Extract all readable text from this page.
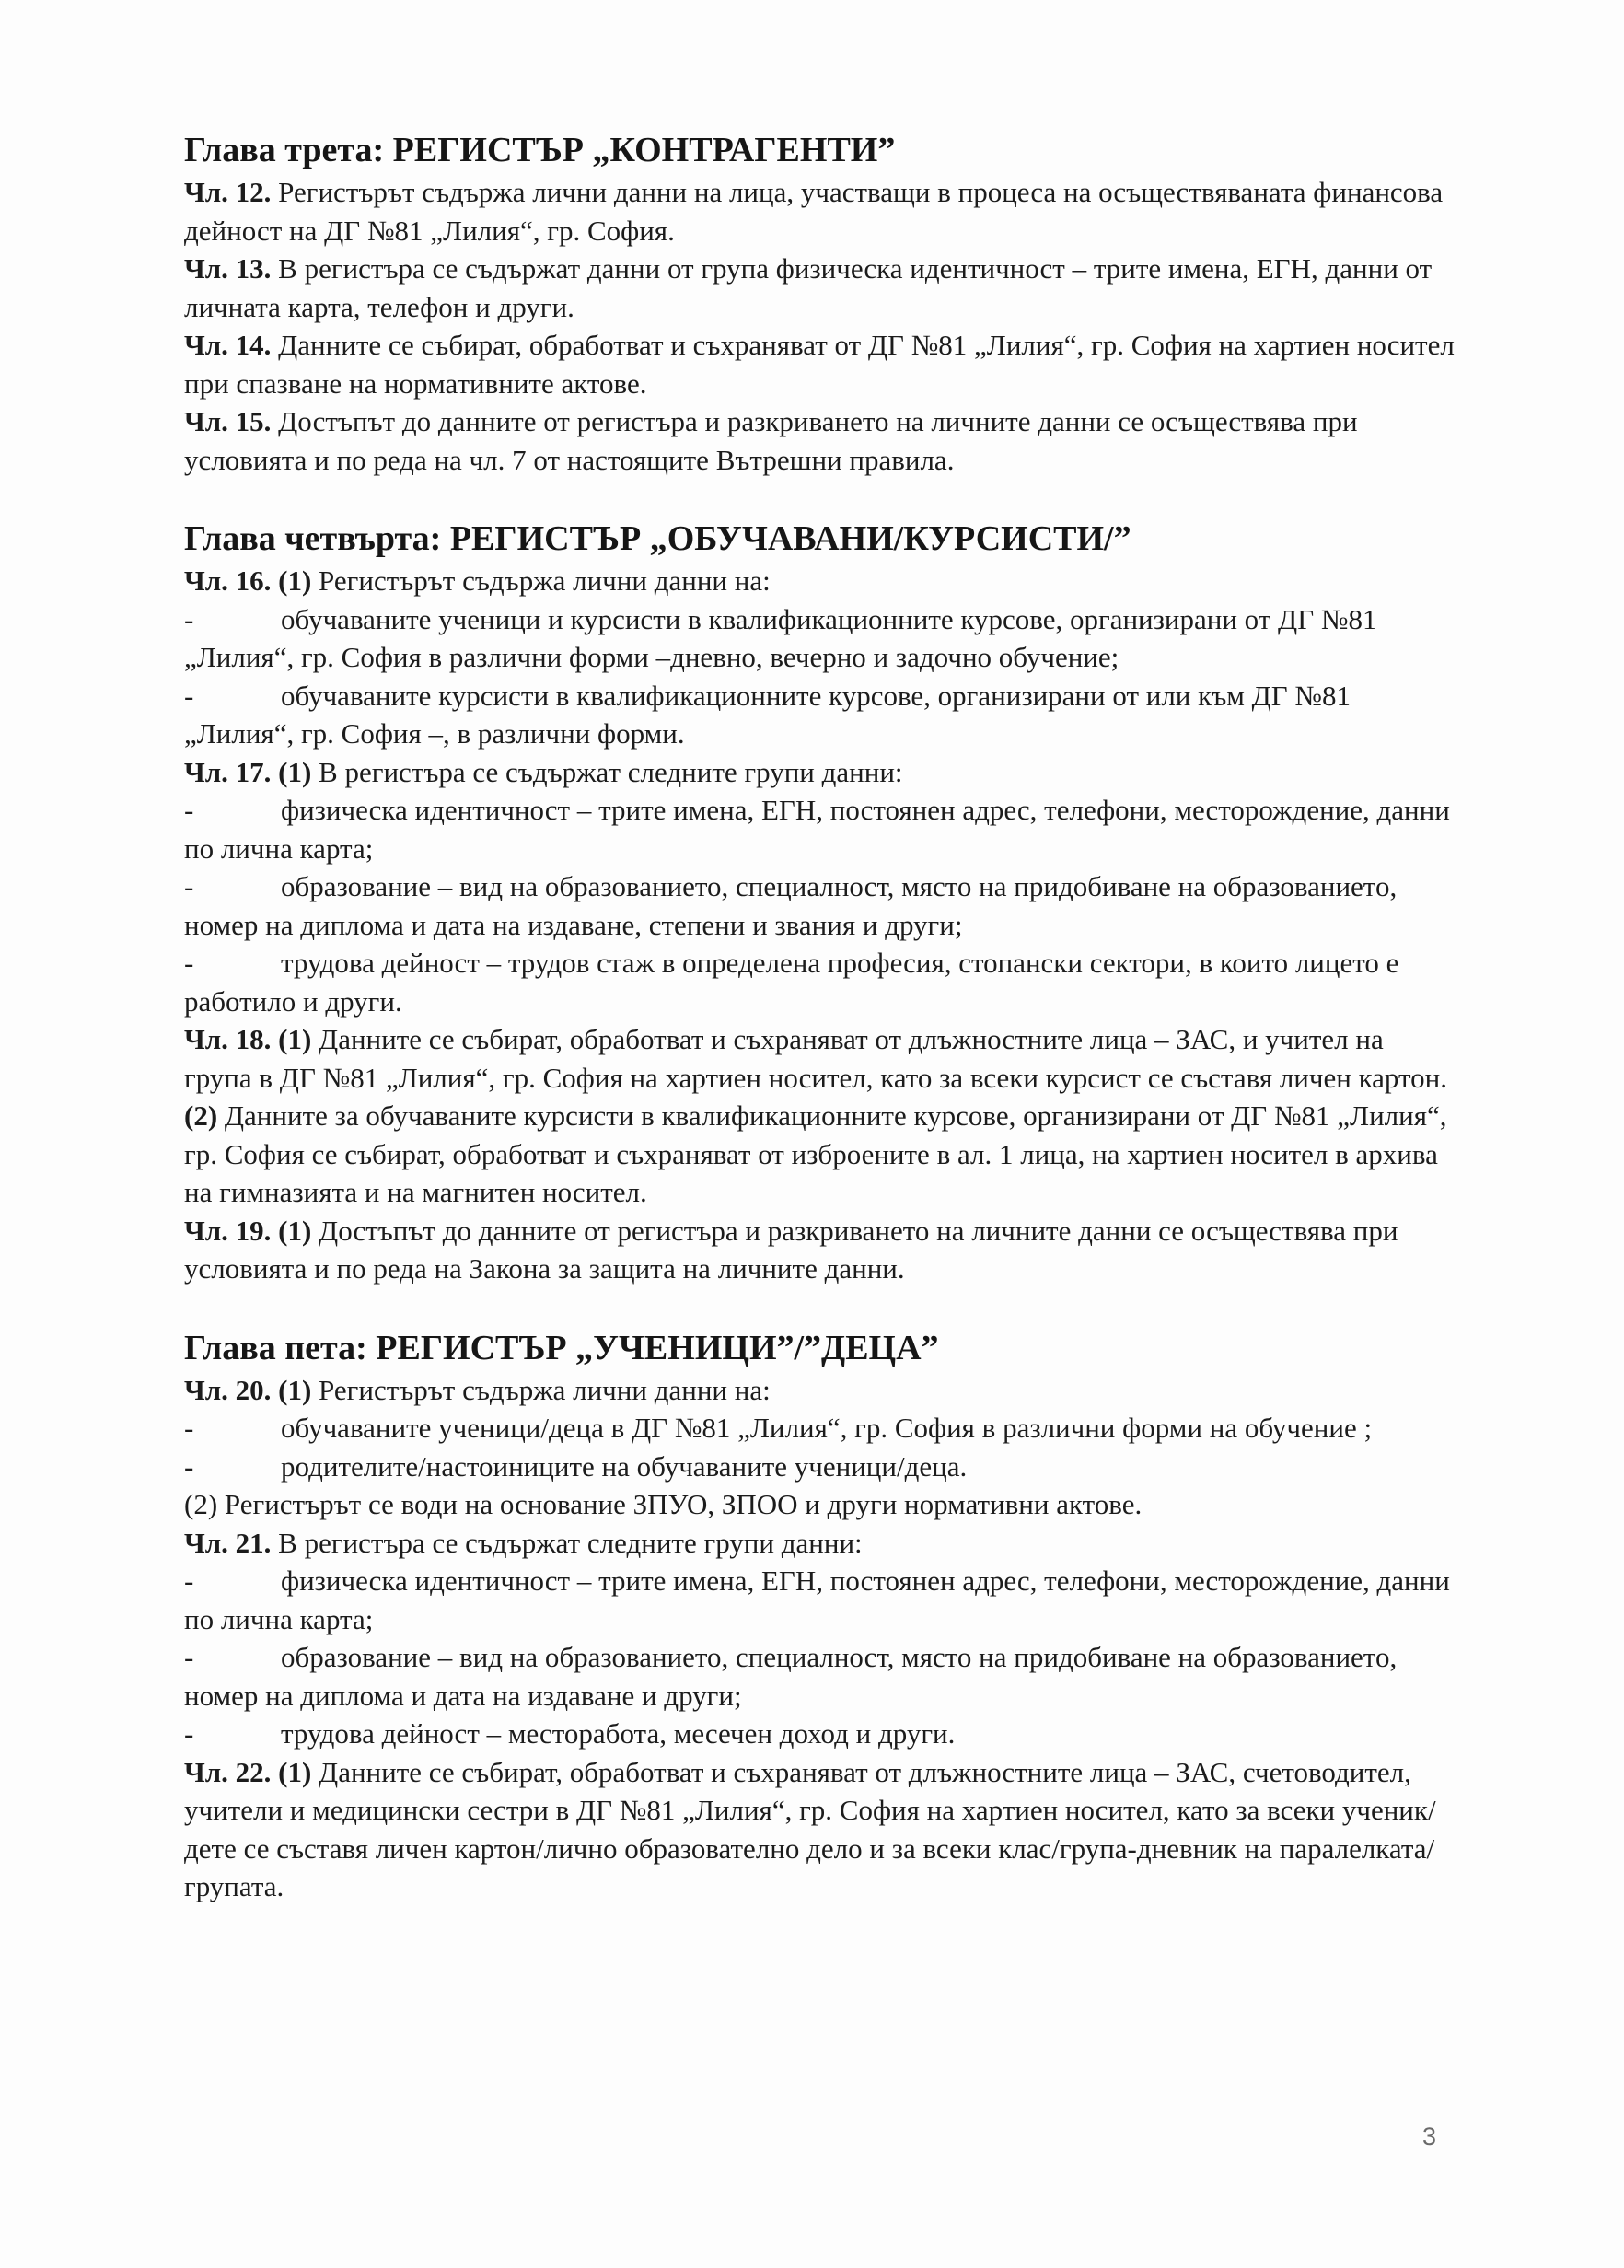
Глава трета: РЕГИСТЪР „КОНТРАГЕНТИ”

Чл. 12. Регистърът съдържа лични данни на лица, участващи в процеса на осъществяваната финансова дейност на ДГ №81 „Лилия“, гр. София.

Чл. 13. В регистъра се съдържат данни от група физическа идентичност – трите имена, ЕГН, данни от личната карта, телефон и други.

Чл. 14. Данните се събират, обработват и съхраняват от ДГ №81 „Лилия“, гр. София на хартиен носител при спазване на нормативните актове.

Чл. 15. Достъпът до данните от регистъра и разкриването на личните данни се осъществява при условията и по реда на чл. 7 от настоящите Вътрешни правила.

Глава четвърта: РЕГИСТЪР „ОБУЧАВАНИ/КУРСИСТИ/”

Чл. 16. (1) Регистърът съдържа лични данни на:

-	обучаваните ученици и курсисти в квалификационните курсове, организирани от ДГ №81 „Лилия“, гр. София в различни форми –дневно, вечерно и задочно обучение;

-	обучаваните курсисти в квалификационните курсове, организирани от или към ДГ №81 „Лилия“, гр. София –, в различни форми.

Чл. 17. (1) В регистъра се съдържат следните групи данни:

-	физическа идентичност – трите имена, ЕГН, постоянен адрес, телефони, месторождение, данни по лична карта;

-	образование – вид на образованието, специалност, място на придобиване на образованието, номер на диплома и дата на издаване, степени и звания и други;

-	трудова дейност – трудов стаж в определена професия, стопански сектори, в които лицето е работило и други.

Чл. 18. (1) Данните се събират, обработват и съхраняват от длъжностните лица – ЗАС, и учител на група в ДГ №81 „Лилия“, гр. София на хартиен носител, като за всеки курсист се съставя личен картон.

(2) Данните за обучаваните курсисти в квалификационните курсове, организирани от ДГ №81 „Лилия“, гр. София се събират, обработват и съхраняват от изброените в ал. 1 лица, на хартиен носител в архива на гимназията и на магнитен носител.

Чл. 19. (1) Достъпът до данните от регистъра и разкриването на личните данни се осъществява при условията и по реда на Закона за защита на личните данни.

Глава пета: РЕГИСТЪР „УЧЕНИЦИ”/”ДЕЦА”

Чл. 20. (1) Регистърът съдържа лични данни на:

-	обучаваните ученици/деца в ДГ №81 „Лилия“, гр. София в различни форми на обучение ;

-	родителите/настоиниците на обучаваните ученици/деца.

(2) Регистърът се води на основание ЗПУО, ЗПОО и други нормативни актове.

Чл. 21. В регистъра се съдържат следните групи данни:

-	физическа идентичност – трите имена, ЕГН, постоянен адрес, телефони, месторождение, данни по лична карта;

-	образование – вид на образованието, специалност, място на придобиване на образованието, номер на диплома и дата на издаване и други;

-	трудова дейност – месторабота, месечен доход и други.

Чл. 22. (1) Данните се събират, обработват и съхраняват от длъжностните лица – ЗАС, счетоводител, учители и медицински сестри в ДГ №81 „Лилия“, гр. София на хартиен носител, като за всеки ученик/дете се съставя личен картон/лично образователно дело и за всеки клас/група-дневник на паралелката/групата.

3
